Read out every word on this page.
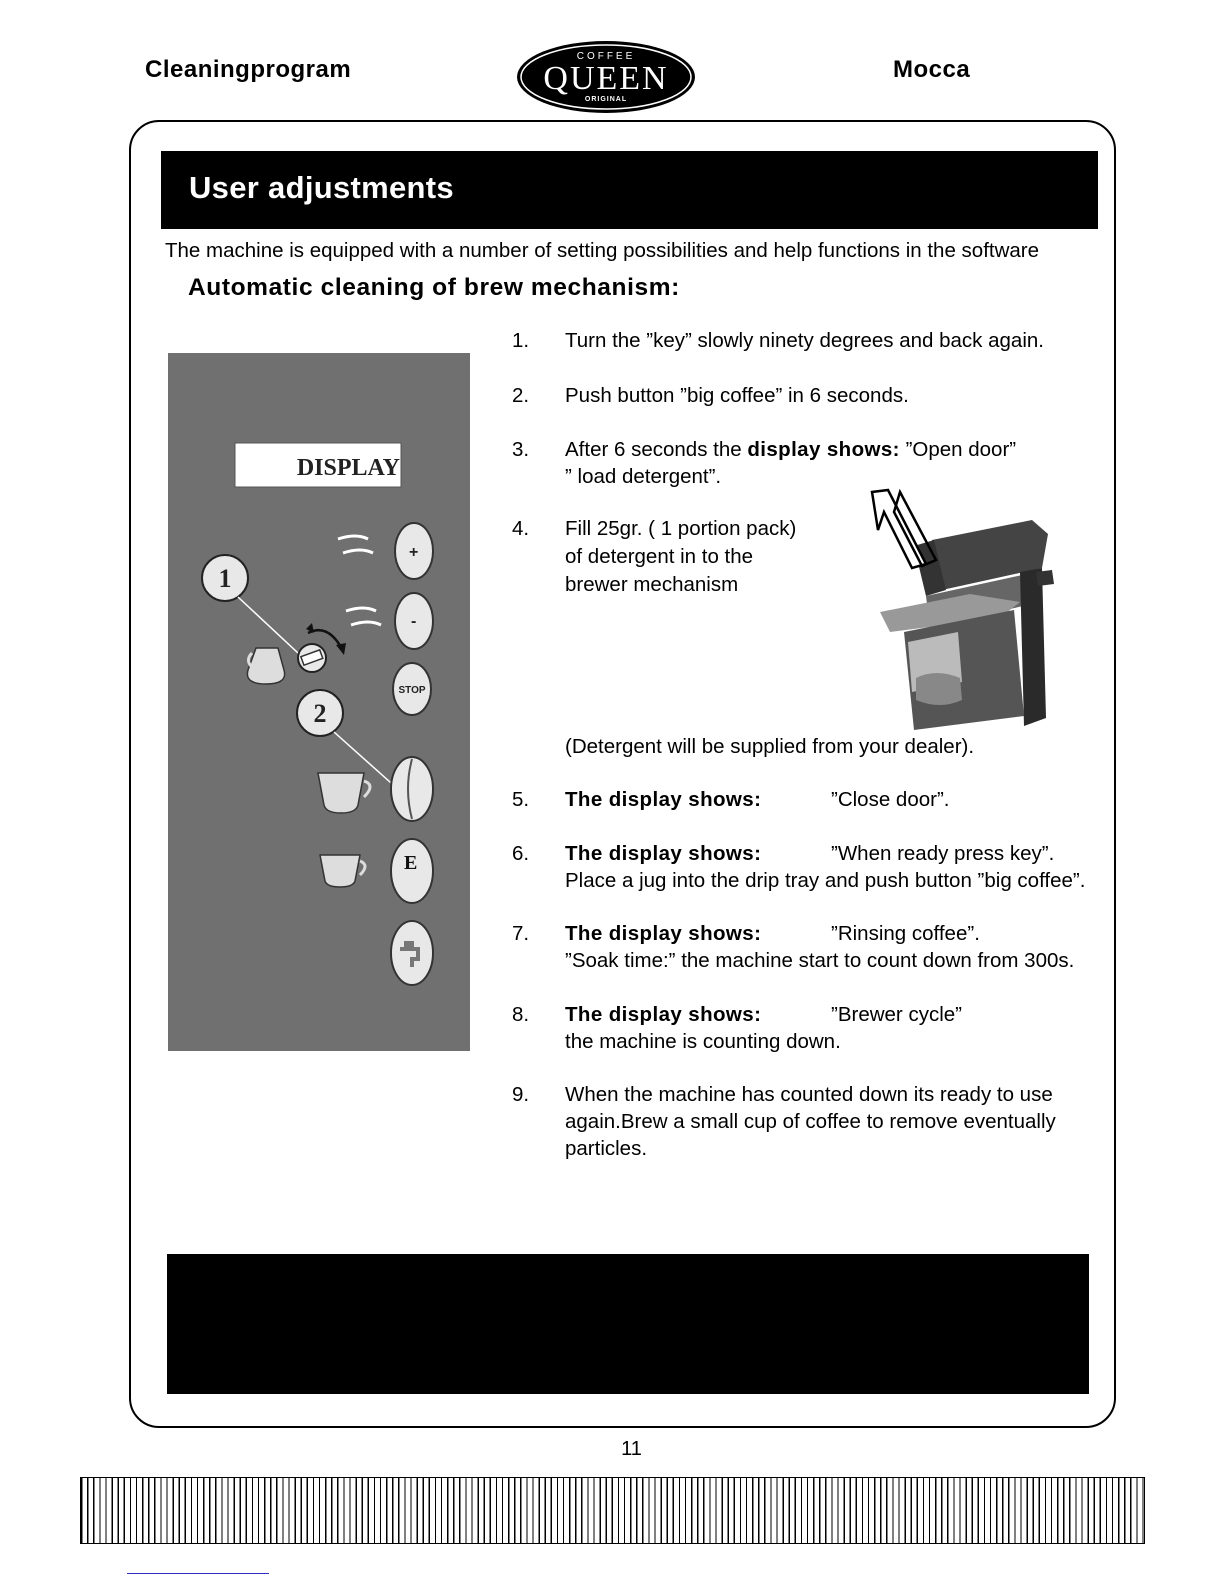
Cleaningprogram	COFFEE
QUEEN
ORIGINAL
Mocca
User adjustments
The machine is equipped with a number of setting possibilities and help functions in the software
Automatic cleaning of brew mechanism:
DISPLAY
+
-
1
STOP
2
E
1. Turn the ”key” slowly ninety degrees and back again.
2. Push button ”big coffee” in 6 seconds.
3. After 6 seconds the display shows: ”Open door”
” load detergent”.
4. Fill 25gr. ( 1 portion pack)
of detergent in to the
brewer mechanism
(Detergent will be supplied from your dealer).
5. The display shows:	”Close door”.
6. The display shows:	”When ready press key”.
Place a jug into the drip tray and push button ”big coffee”.
7. The display shows:	”Rinsing coffee”.
”Soak time:” the machine start to count down from 300s.
8. The display shows:	”Brewer cycle”
the machine is counting down.
9. When the machine has counted down its ready to use
again.Brew a small cup of coffee to remove eventually
particles.
11
